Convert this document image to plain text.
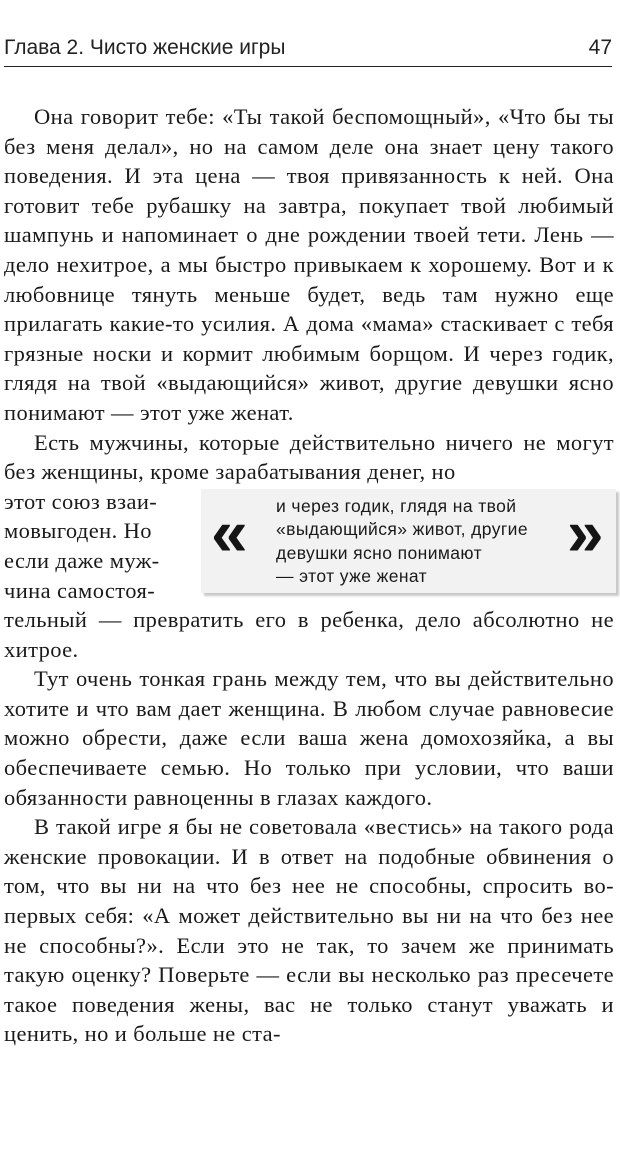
Глава 2. Чисто женские игры	47

Она говорит тебе: «Ты такой беспомощный», «Что бы ты без меня делал», но на самом деле она знает цену такого поведения. И эта цена — твоя привязанность к ней. Она готовит тебе рубашку на завтра, покупает твой любимый шампунь и напоминает о дне рождении твоей тети. Лень — дело нехитрое, а мы быстро привыкаем к хорошему. Вот и к любовнице тянуть меньше будет, ведь там нужно еще прилагать какие-то усилия. А дома «мама» стаскивает с тебя грязные носки и кормит любимым борщом. И через годик, глядя на твой «выдающийся» живот, другие девушки ясно понимают — этот уже женат.

Есть мужчины, которые действительно ничего не могут без женщины, кроме зарабатывания денег, но

этот союз взаи-

мовыгоден. Но

если даже муж-

чина самостоя-

« и через годик, глядя на твой
«выдающийся» живот, другие
девушки ясно понимают
— этот уже женат
»

тельный — превратить его в ребенка, дело абсолютно не хитрое.

Тут очень тонкая грань между тем, что вы действительно хотите и что вам дает женщина. В любом случае равновесие можно обрести, даже если ваша жена домохозяйка, а вы обеспечиваете семью. Но только при условии, что ваши обязанности равноценны в глазах каждого.

В такой игре я бы не советовала «вестись» на такого рода женские провокации. И в ответ на подобные обвинения о том, что вы ни на что без нее не способны, спросить во-первых себя: «А может действительно вы ни на что без нее не способны?». Если это не так, то зачем же принимать такую оценку? Поверьте — если вы несколько раз пресечете такое поведения жены, вас не только станут уважать и ценить, но и больше не ста-
